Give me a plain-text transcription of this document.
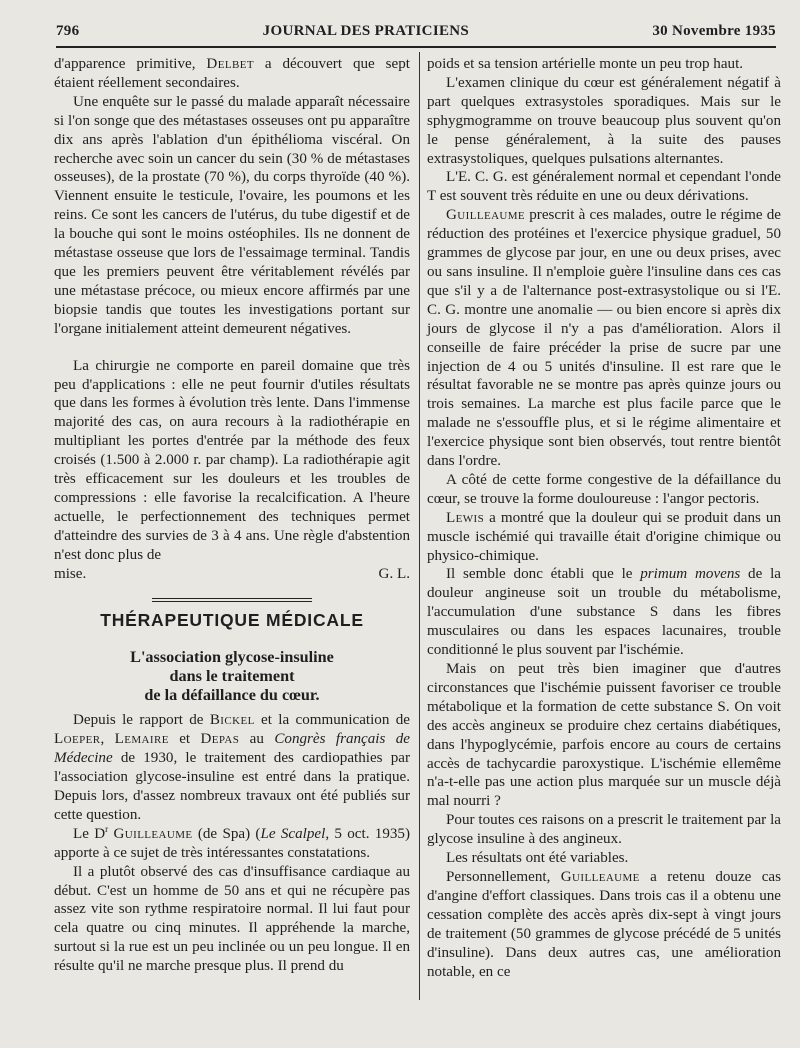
796	JOURNAL DES PRATICIENS	30 Novembre 1935

d'apparence primitive, Delbet a découvert que sept étaient réellement secondaires.

Une enquête sur le passé du malade apparaît nécessaire si l'on songe que des métastases osseuses ont pu apparaître dix ans après l'ablation d'un épithélioma viscéral. On recherche avec soin un cancer du sein (30 % de métastases osseuses), de la prostate (70 %), du corps thyroïde (40 %). Viennent ensuite le testicule, l'ovaire, les poumons et les reins. Ce sont les cancers de l'utérus, du tube digestif et de la bouche qui sont le moins ostéophiles. Ils ne donnent de métastase osseuse que lors de l'essaimage terminal. Tandis que les premiers peuvent être véritablement révélés par une métastase précoce, ou mieux encore affirmés par une biopsie tandis que toutes les investigations portant sur l'organe initialement atteint demeurent négatives.

La chirurgie ne comporte en pareil domaine que très peu d'applications : elle ne peut fournir d'utiles résultats que dans les formes à évolution très lente. Dans l'immense majorité des cas, on aura recours à la radiothérapie en multipliant les portes d'entrée par la méthode des feux croisés (1.500 à 2.000 r. par champ). La radiothérapie agit très efficacement sur les douleurs et les troubles de compressions : elle favorise la recalcification. A l'heure actuelle, le perfectionnement des techniques permet d'atteindre des survies de 3 à 4 ans. Une règle d'abstention n'est donc plus de

mise.	G. L.

THÉRAPEUTIQUE MÉDICALE

L'association glycose-insuline
dans le traitement
de la défaillance du cœur.

Depuis le rapport de Bickel et la communication de Loeper, Lemaire et Depas au Congrès français de Médecine de 1930, le traitement des cardiopathies par l'association glycose-insuline est entré dans la pratique. Depuis lors, d'assez nombreux travaux ont été publiés sur cette question.

Le $D^r$ Guilleaume (de Spa) (Le Scalpel, 5 oct. 1935) apporte à ce sujet de très intéressantes constatations.

Il a plutôt observé des cas d'insuffisance cardiaque au début. C'est un homme de 50 ans et qui ne récupère pas assez vite son rythme respiratoire normal. Il lui faut pour cela quatre ou cinq minutes. Il appréhende la marche, surtout si la rue est un peu inclinée ou un peu longue. Il en résulte qu'il ne marche presque plus. Il prend du

poids et sa tension artérielle monte un peu trop haut.

L'examen clinique du cœur est généralement négatif à part quelques extrasystoles sporadiques. Mais sur le sphygmogramme on trouve beaucoup plus souvent qu'on le pense généralement, à la suite des pauses extrasystoliques, quelques pulsations alternantes.

L'E. C. G. est généralement normal et cependant l'onde T est souvent très réduite en une ou deux dérivations.

Guilleaume prescrit à ces malades, outre le régime de réduction des protéines et l'exercice physique graduel, 50 grammes de glycose par jour, en une ou deux prises, avec ou sans insuline. Il n'emploie guère l'insuline dans ces cas que s'il y a de l'alternance post-extrasystolique ou si l'E. C. G. montre une anomalie — ou bien encore si après dix jours de glycose il n'y a pas d'amélioration. Alors il conseille de faire précéder la prise de sucre par une injection de 4 ou 5 unités d'insuline. Il est rare que le résultat favorable ne se montre pas après quinze jours ou trois semaines. La marche est plus facile parce que le malade ne s'essouffle plus, et si le régime alimentaire et l'exercice physique sont bien observés, tout rentre bientôt dans l'ordre.

A côté de cette forme congestive de la défaillance du cœur, se trouve la forme douloureuse : l'angor pectoris.

Lewis a montré que la douleur qui se produit dans un muscle ischémié qui travaille était d'origine chimique ou physico-chimique.

Il semble donc établi que le primum movens de la douleur angineuse soit un trouble du métabolisme, l'accumulation d'une substance S dans les fibres musculaires ou dans les espaces lacunaires, trouble conditionné le plus souvent par l'ischémie.

Mais on peut très bien imaginer que d'autres circonstances que l'ischémie puissent favoriser ce trouble métabolique et la formation de cette substance S. On voit des accès angineux se produire chez certains diabétiques, dans l'hypoglycémie, parfois encore au cours de certains accès de tachycardie paroxystique. L'ischémie ellemême n'a-t-elle pas une action plus marquée sur un muscle déjà mal nourri ?

Pour toutes ces raisons on a prescrit le traitement par la glycose insuline à des angineux.

Les résultats ont été variables.

Personnellement, Guilleaume a retenu douze cas d'angine d'effort classiques. Dans trois cas il a obtenu une cessation complète des accès après dix-sept à vingt jours de traitement (50 grammes de glycose précédé de 5 unités d'insuline). Dans deux autres cas, une amélioration notable, en ce
